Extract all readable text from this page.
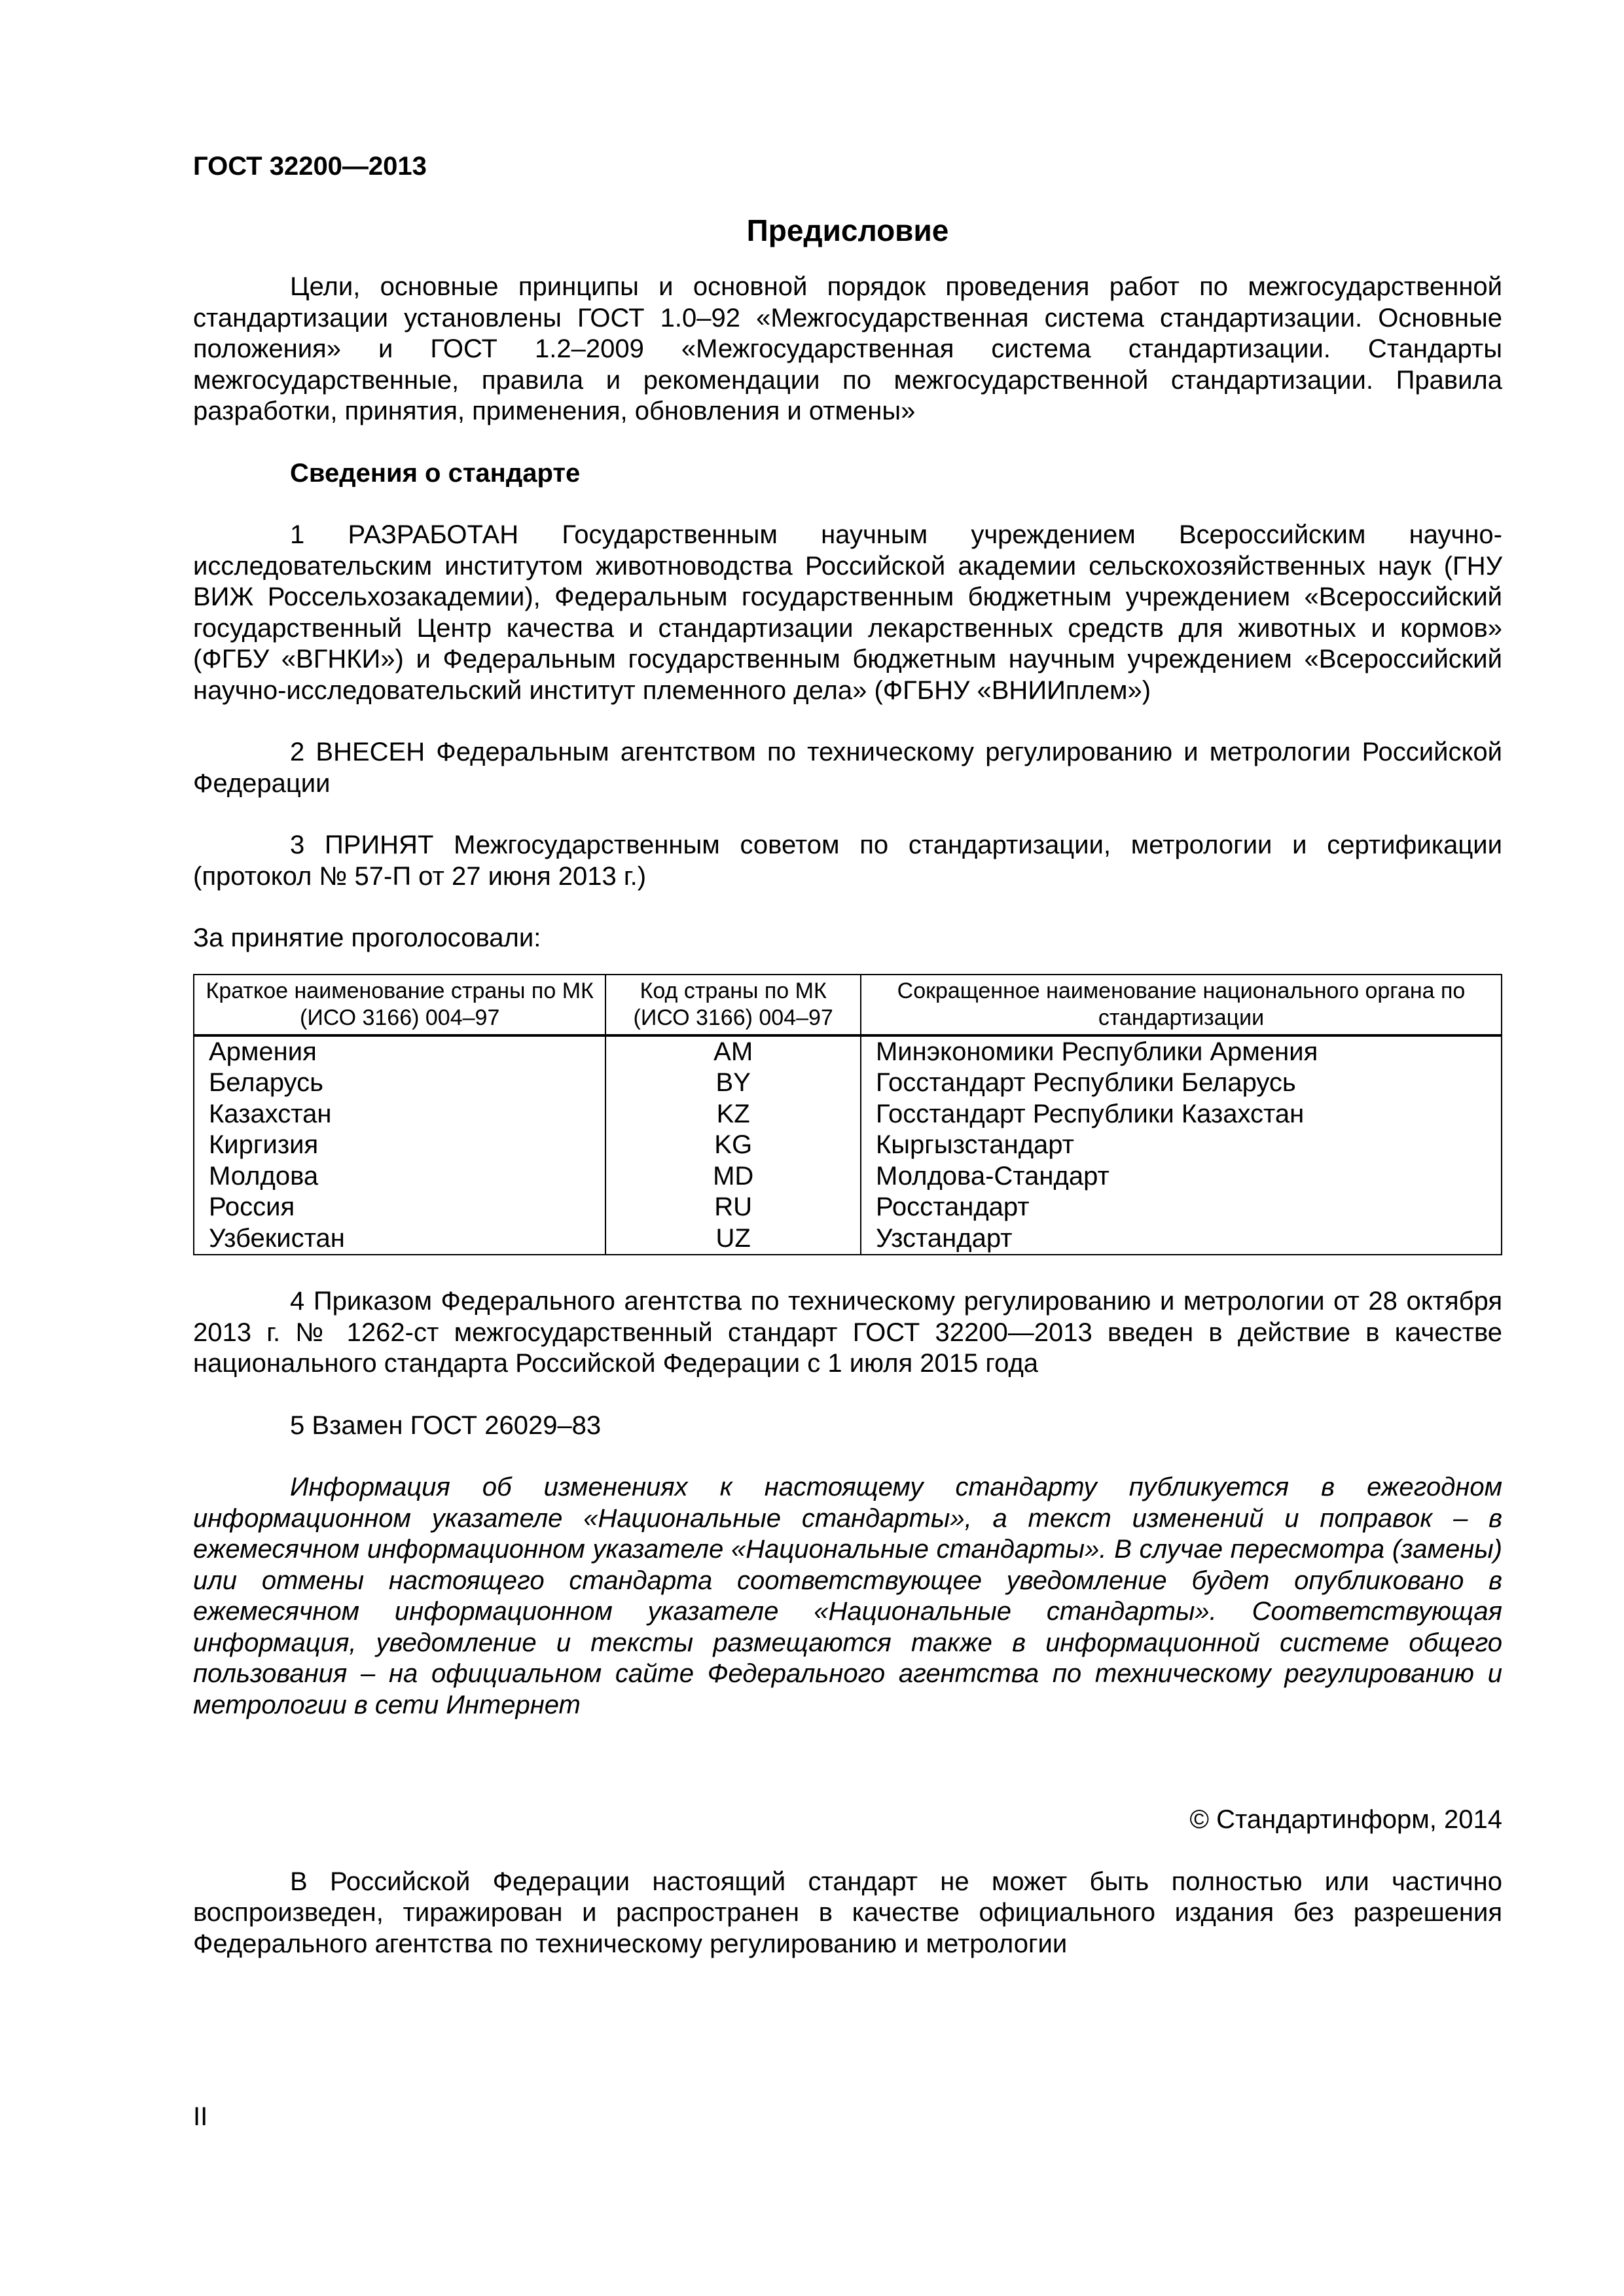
ГОСТ 32200—2013

Предисловие

Цели, основные принципы и основной порядок проведения работ по межгосударственной стандартизации установлены ГОСТ 1.0–92 «Межгосударственная система стандартизации. Основные положения» и ГОСТ 1.2–2009 «Межгосударственная система стандартизации. Стандарты межгосударственные, правила и рекомендации по межгосударственной стандартизации. Правила разработки, принятия, применения, обновления и отмены»

Сведения о стандарте

1 РАЗРАБОТАН Государственным научным учреждением Всероссийским научно-исследовательским институтом животноводства Российской академии сельскохозяйственных наук (ГНУ ВИЖ Россельхозакадемии), Федеральным государственным бюджетным учреждением «Всероссийский государственный Центр качества и стандартизации лекарственных средств для животных и кормов» (ФГБУ «ВГНКИ») и Федеральным государственным бюджетным научным учреждением «Всероссийский научно-исследовательский институт племенного дела» (ФГБНУ «ВНИИплем»)

2 ВНЕСЕН Федеральным агентством по техническому регулированию и метрологии Российской Федерации

3 ПРИНЯТ Межгосударственным советом по стандартизации, метрологии и сертификации (протокол № 57-П от 27 июня 2013 г.)

За принятие проголосовали:

Краткое наименование страны по МК (ИСО 3166) 004–97	Код страны по МК (ИСО 3166) 004–97	Сокращенное наименование национального органа по стандартизации
Армения	AM	Минэкономики Республики Армения
Беларусь	BY	Госстандарт Республики Беларусь
Казахстан	KZ	Госстандарт Республики Казахстан
Киргизия	KG	Кыргызстандарт
Молдова	MD	Молдова-Стандарт
Россия	RU	Росстандарт
Узбекистан	UZ	Узстандарт

4 Приказом Федерального агентства по техническому регулированию и метрологии от 28 октября 2013 г. № 1262-ст межгосударственный стандарт ГОСТ 32200—2013 введен в действие в качестве национального стандарта Российской Федерации с 1 июля 2015 года

5 Взамен ГОСТ 26029–83

Информация об изменениях к настоящему стандарту публикуется в ежегодном информационном указателе «Национальные стандарты», а текст изменений и поправок – в ежемесячном информационном указателе «Национальные стандарты». В случае пересмотра (замены) или отмены настоящего стандарта соответствующее уведомление будет опубликовано в ежемесячном информационном указателе «Национальные стандарты». Соответствующая информация, уведомление и тексты размещаются также в информационной системе общего пользования – на официальном сайте Федерального агентства по техническому регулированию и метрологии в сети Интернет

© Стандартинформ, 2014

В Российской Федерации настоящий стандарт не может быть полностью или частично воспроизведен, тиражирован и распространен в качестве официального издания без разрешения Федерального агентства по техническому регулированию и метрологии

II
